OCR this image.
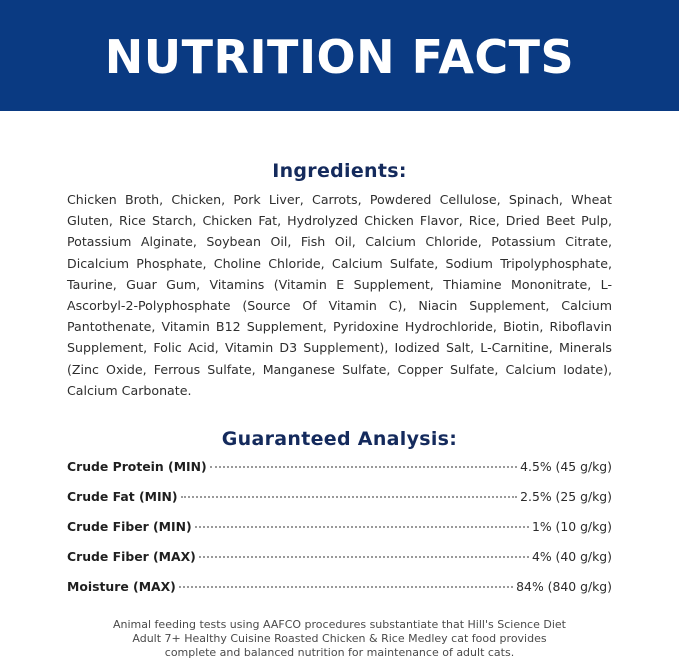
NUTRITION FACTS
Ingredients:
Chicken Broth, Chicken, Pork Liver, Carrots, Powdered Cellulose, Spinach, Wheat Gluten, Rice Starch, Chicken Fat, Hydrolyzed Chicken Flavor, Rice, Dried Beet Pulp, Potassium Alginate, Soybean Oil, Fish Oil, Calcium Chloride, Potassium Citrate, Dicalcium Phosphate, Choline Chloride, Calcium Sulfate, Sodium Tripolyphosphate, Taurine, Guar Gum, Vitamins (Vitamin E Supplement, Thiamine Mononitrate, L-Ascorbyl-2-Polyphosphate (Source Of Vitamin C), Niacin Supplement, Calcium Pantothenate, Vitamin B12 Supplement, Pyridoxine Hydrochloride, Biotin, Riboflavin Supplement, Folic Acid, Vitamin D3 Supplement), Iodized Salt, L-Carnitine, Minerals (Zinc Oxide, Ferrous Sulfate, Manganese Sulfate, Copper Sulfate, Calcium Iodate), Calcium Carbonate.
Guaranteed Analysis:
Crude Protein (MIN)	4.5% (45 g/kg)
Crude Fat (MIN)	2.5% (25 g/kg)
Crude Fiber (MIN)	1% (10 g/kg)
Crude Fiber (MAX)	4% (40 g/kg)
Moisture (MAX)	84% (840 g/kg)
Animal feeding tests using AAFCO procedures substantiate that Hill's Science Diet
Adult 7+ Healthy Cuisine Roasted Chicken & Rice Medley cat food provides
complete and balanced nutrition for maintenance of adult cats.
